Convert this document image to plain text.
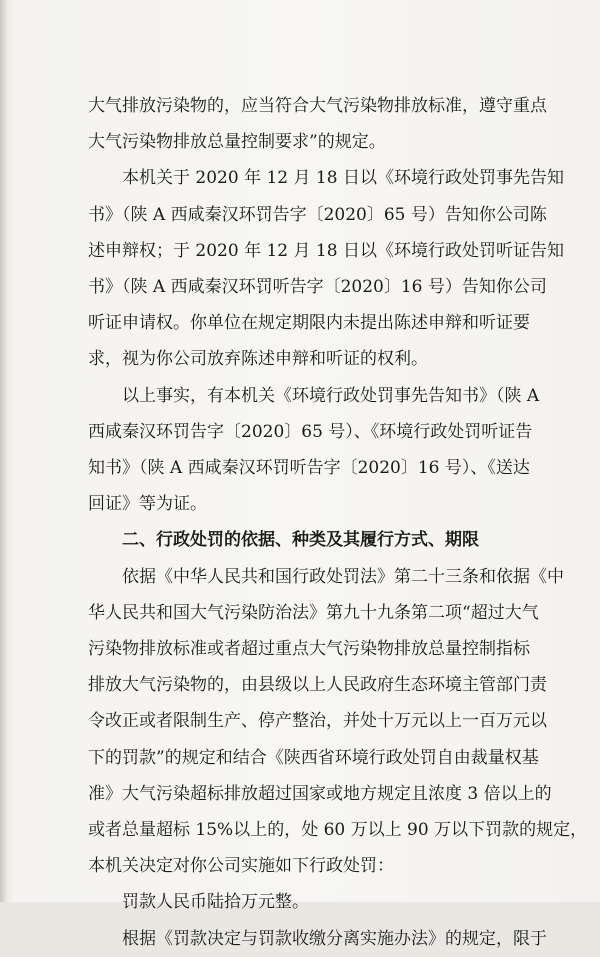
大气排放污染物的，应当符合大气污染物排放标准，遵守重点
大气污染物排放总量控制要求”的规定。

本机关于 2020 年 12 月 18 日以《环境行政处罚事先告知
书》（陕 A 西咸秦汉环罚告字〔2020〕65 号）告知你公司陈
述申辩权；于 2020 年 12 月 18 日以《环境行政处罚听证告知
书》（陕 A 西咸秦汉环罚听告字〔2020〕16 号）告知你公司
听证申请权。你单位在规定期限内未提出陈述申辩和听证要
求，视为你公司放弃陈述申辩和听证的权利。

以上事实，有本机关《环境行政处罚事先告知书》（陕 A
西咸秦汉环罚告字〔2020〕65 号）、《环境行政处罚听证告
知书》（陕 A 西咸秦汉环罚听告字〔2020〕16 号）、《送达
回证》等为证。

二、行政处罚的依据、种类及其履行方式、期限

依据《中华人民共和国行政处罚法》第二十三条和依据《中
华人民共和国大气污染防治法》第九十九条第二项“超过大气
污染物排放标准或者超过重点大气污染物排放总量控制指标
排放大气污染物的，由县级以上人民政府生态环境主管部门责
令改正或者限制生产、停产整治，并处十万元以上一百万元以
下的罚款”的规定和结合《陕西省环境行政处罚自由裁量权基
准》大气污染超标排放超过国家或地方规定且浓度 3 倍以上的
或者总量超标 15%以上的，处 60 万以上 90 万以下罚款的规定，
本机关决定对你公司实施如下行政处罚：

罚款人民币陆拾万元整。

根据《罚款决定与罚款收缴分离实施办法》的规定，限于
